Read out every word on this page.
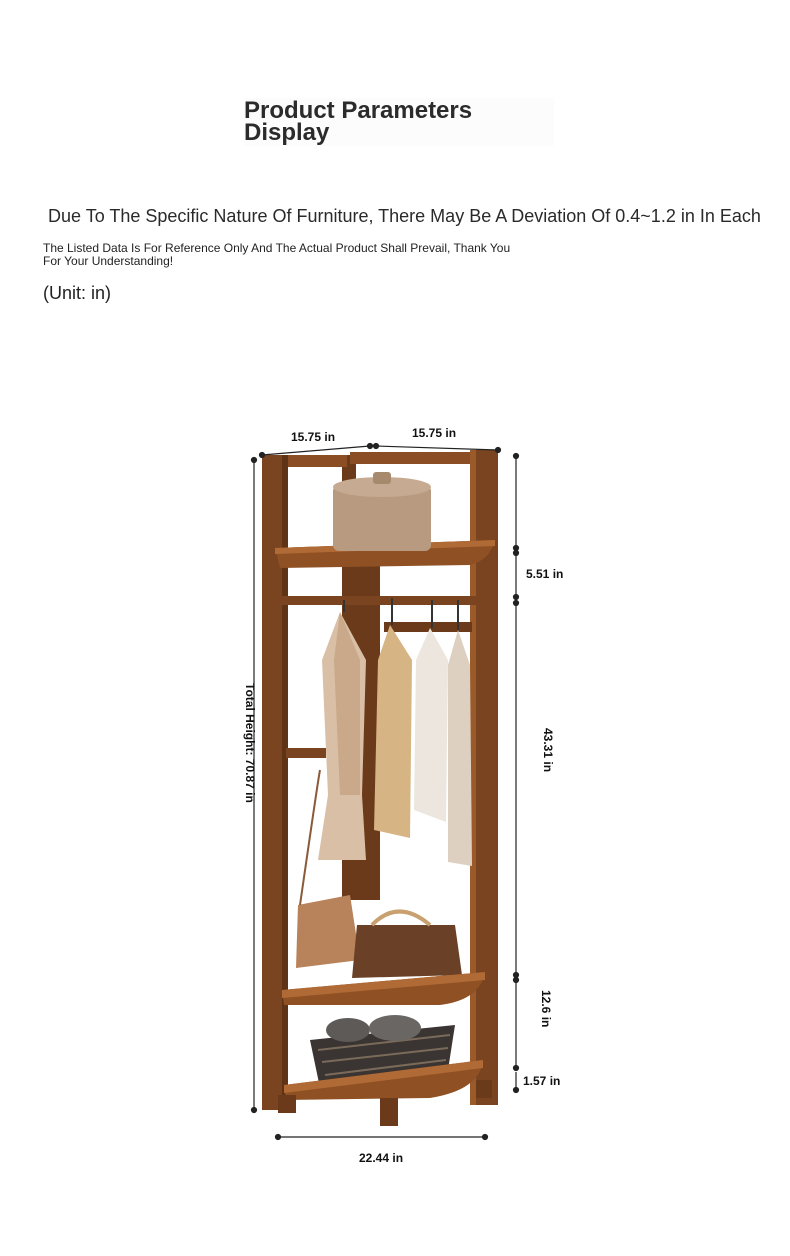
Product Parameters Display
Due To The Specific Nature Of Furniture, There May Be A Deviation Of 0.4~1.2 in In Each
The Listed Data Is For Reference Only And The Actual Product Shall Prevail, Thank You For Your Understanding!
(Unit: in)
15.75 in	15.75 in
5.51 in
43.31 in
Total Height: 70.87 in
12.6 in
1.57 in
22.44 in
